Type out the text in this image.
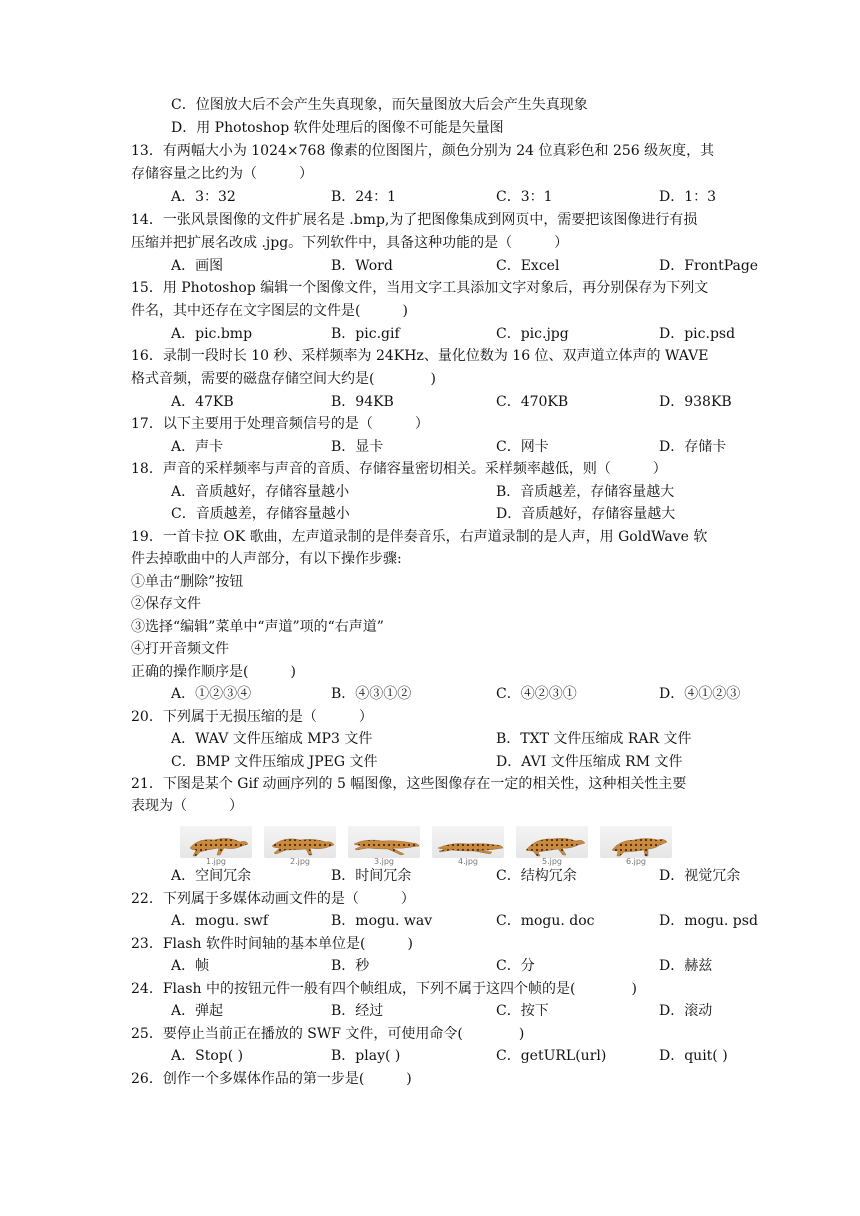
C．位图放大后不会产生失真现象，而矢量图放大后会产生失真现象
D．用 Photoshop 软件处理后的图像不可能是矢量图
13．有两幅大小为 1024×768 像素的位图图片，颜色分别为 24 位真彩色和 256 级灰度，其
存储容量之比约为（　　　）
A．3：32	B．24：1	C．3：1	D．1：3
14．一张风景图像的文件扩展名是 .bmp,为了把图像集成到网页中，需要把该图像进行有损
压缩并把扩展名改成 .jpg。下列软件中，具备这种功能的是（　　　）
A．画图	B．Word	C．Excel	D．FrontPage
15．用 Photoshop 编辑一个图像文件，当用文字工具添加文字对象后，再分别保存为下列文
件名，其中还存在文字图层的文件是(　　　)
A．pic.bmp	B．pic.gif	C．pic.jpg	D．pic.psd
16．录制一段时长 10 秒、采样频率为 24KHz、量化位数为 16 位、双声道立体声的 WAVE
格式音频，需要的磁盘存储空间大约是(　　　　)
A．47KB	B．94KB	C．470KB	D．938KB
17．以下主要用于处理音频信号的是（　　　）
A．声卡	B．显卡	C．网卡	D．存储卡
18．声音的采样频率与声音的音质、存储容量密切相关。采样频率越低，则（　　　）
A．音质越好，存储容量越小	B．音质越差，存储容量越大
C．音质越差，存储容量越小	D．音质越好，存储容量越大
19．一首卡拉 OK 歌曲，左声道录制的是伴奏音乐，右声道录制的是人声，用 GoldWave 软
件去掉歌曲中的人声部分，有以下操作步骤:
①单击“删除”按钮
②保存文件
③选择“编辑”菜单中“声道”项的“右声道”
④打开音频文件
正确的操作顺序是(　　　)
A．①②③④	B．④③①②	C．④②③①	D．④①②③
20．下列属于无损压缩的是（　　　）
A．WAV 文件压缩成 MP3 文件	B．TXT 文件压缩成 RAR 文件
C．BMP 文件压缩成 JPEG 文件	D．AVI 文件压缩成 RM 文件
21．下图是某个 Gif 动画序列的 5 幅图像，这些图像存在一定的相关性，这种相关性主要
表现为（　　　）
A．空间冗余	B．时间冗余	C．结构冗余	D．视觉冗余
22．下列属于多媒体动画文件的是（　　　）
A．mogu. swf	B．mogu. wav	C．mogu. doc	D．mogu. psd
23．Flash 软件时间轴的基本单位是(　　　)
A．帧	B．秒	C．分	D．赫兹
24．Flash 中的按钮元件一般有四个帧组成，下列不属于这四个帧的是(　　　　)
A．弹起	B．经过	C．按下	D．滚动
25．要停止当前正在播放的 SWF 文件，可使用命令(　　　　)
A．Stop( )	B．play( )	C．getURL(url)	D．quit( )
26．创作一个多媒体作品的第一步是(　　　)
1.jpg	2.jpg	3.jpg	4.jpg	5.jpg	6.jpg
